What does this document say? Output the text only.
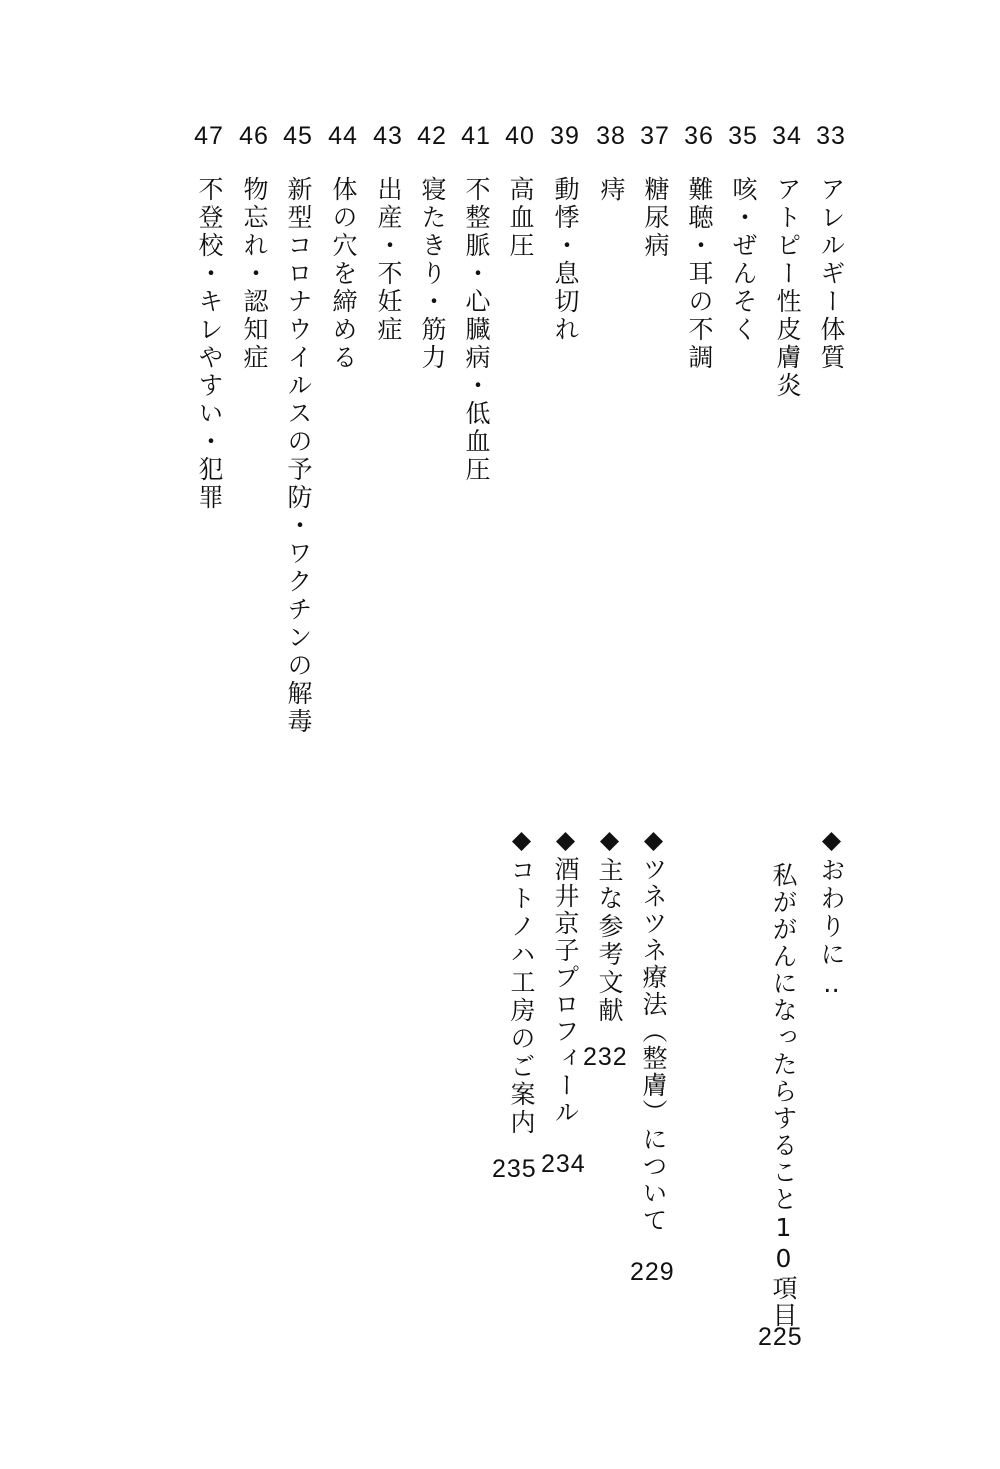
33
アレルギー体質
34
アトピー性皮膚炎
35
咳・ぜんそく
36
難聴・耳の不調
37
糖尿病
38
痔
39
動悸・息切れ
40
高血圧
41
不整脈・心臓病・低血圧
42
寝たきり・筋力
43
出産・不妊症
44
体の穴を締める
45
新型コロナウイルスの予防・ワクチンの解毒
46
物忘れ・認知症
47
不登校・キレやすい・犯罪
◆おわりに‥
私ががんになったらすること10項目
225
◆ツネツネ療法︵整膚︶について
229
◆主な参考文献
232
◆酒井京子プロフィール
234
◆コトノハ工房のご案内
235
